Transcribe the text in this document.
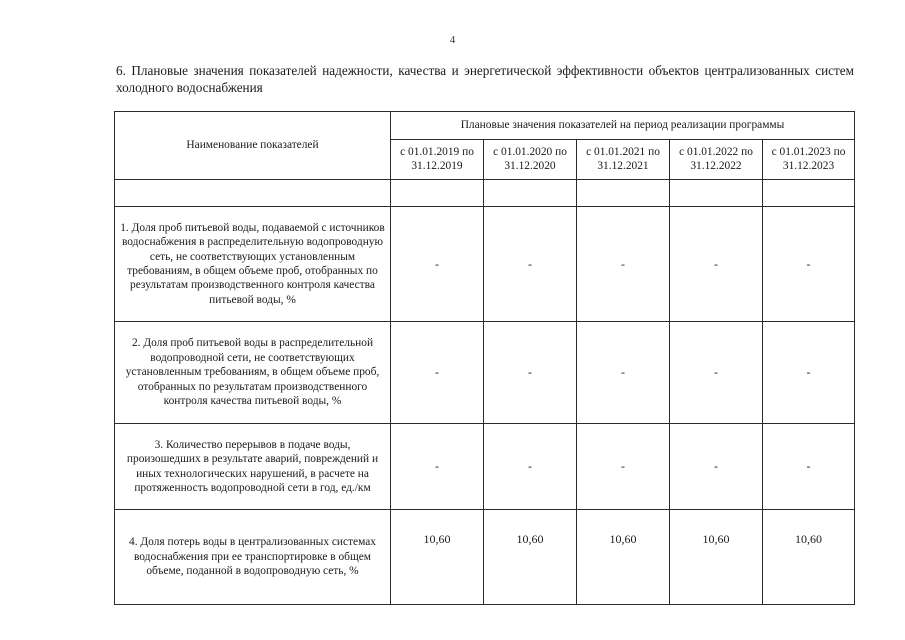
4
6. Плановые значения показателей надежности, качества и энергетической эффективности объектов централизованных систем холодного водоснабжения
Наименование показателей	Плановые значения показателей на период реализации программы				
	с 01.01.2019 по 31.12.2019	с 01.01.2020 по 31.12.2020	с 01.01.2021 по 31.12.2021	с 01.01.2022 по 31.12.2022	с 01.01.2023 по 31.12.2023

1. Доля проб питьевой воды, подаваемой с источников водоснабжения в распределительную водопроводную сеть, не соответствующих установленным требованиям, в общем объеме проб, отобранных по результатам производственного контроля качества питьевой воды, %	-	-	-	-	-
2. Доля проб питьевой воды в распределительной водопроводной сети, не соответствующих установленным требованиям, в общем объеме проб, отобранных по результатам производственного контроля качества питьевой воды, %	-	-	-	-	-
3. Количество перерывов в подаче воды, произошедших в результате аварий, повреждений и иных технологических нарушений, в расчете на протяженность водопроводной сети в год, ед./км	-	-	-	-	-
4. Доля потерь воды в централизованных системах водоснабжения при ее транспортировке в общем объеме, поданной в водопроводную сеть, %	10,60	10,60	10,60	10,60	10,60
